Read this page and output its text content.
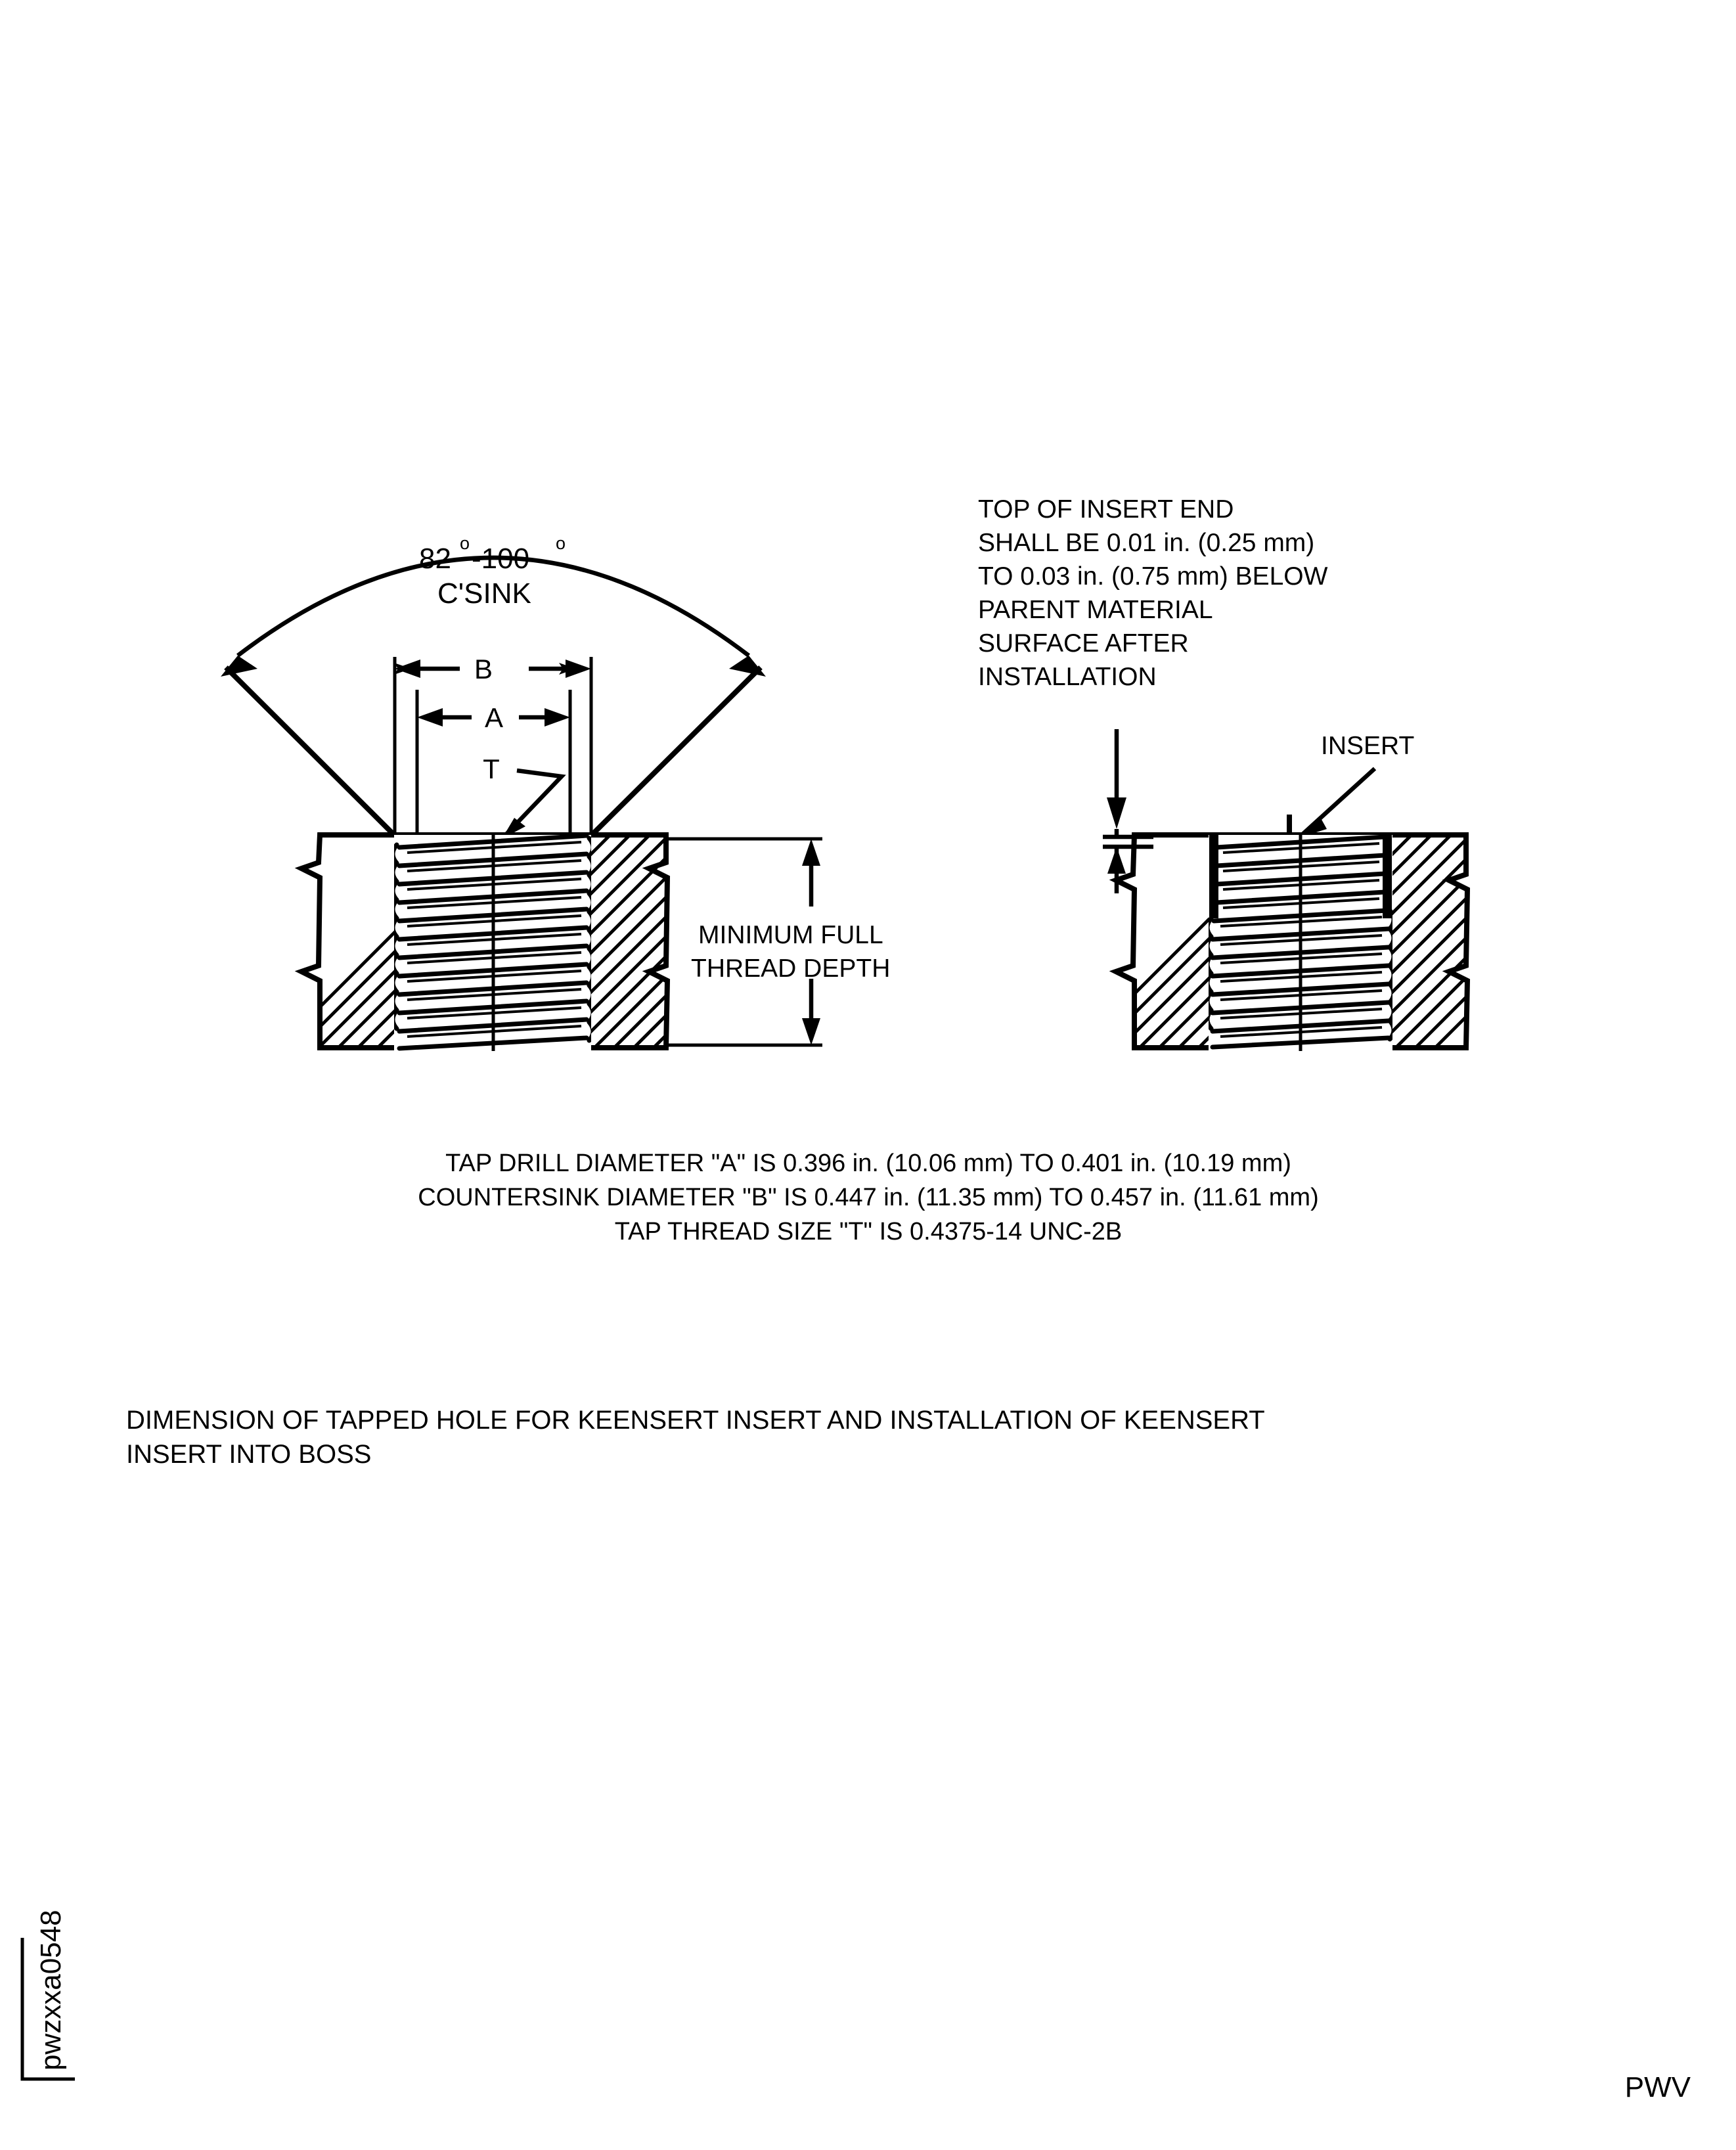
82 o -100 o
C'SINK
B
A
T
MINIMUM FULL
THREAD DEPTH
TOP OF INSERT END
SHALL BE 0.01 in. (0.25 mm)
TO 0.03 in. (0.75 mm) BELOW
PARENT MATERIAL
SURFACE AFTER
INSTALLATION
INSERT
TAP DRILL DIAMETER "A" IS 0.396 in. (10.06 mm) TO 0.401 in. (10.19 mm)
COUNTERSINK DIAMETER "B" IS 0.447 in. (11.35 mm) TO 0.457 in. (11.61 mm)
TAP THREAD SIZE "T" IS 0.4375-14 UNC-2B
DIMENSION OF TAPPED HOLE FOR KEENSERT INSERT AND INSTALLATION OF KEENSERT
INSERT INTO BOSS
pwzxxa0548
PWV
